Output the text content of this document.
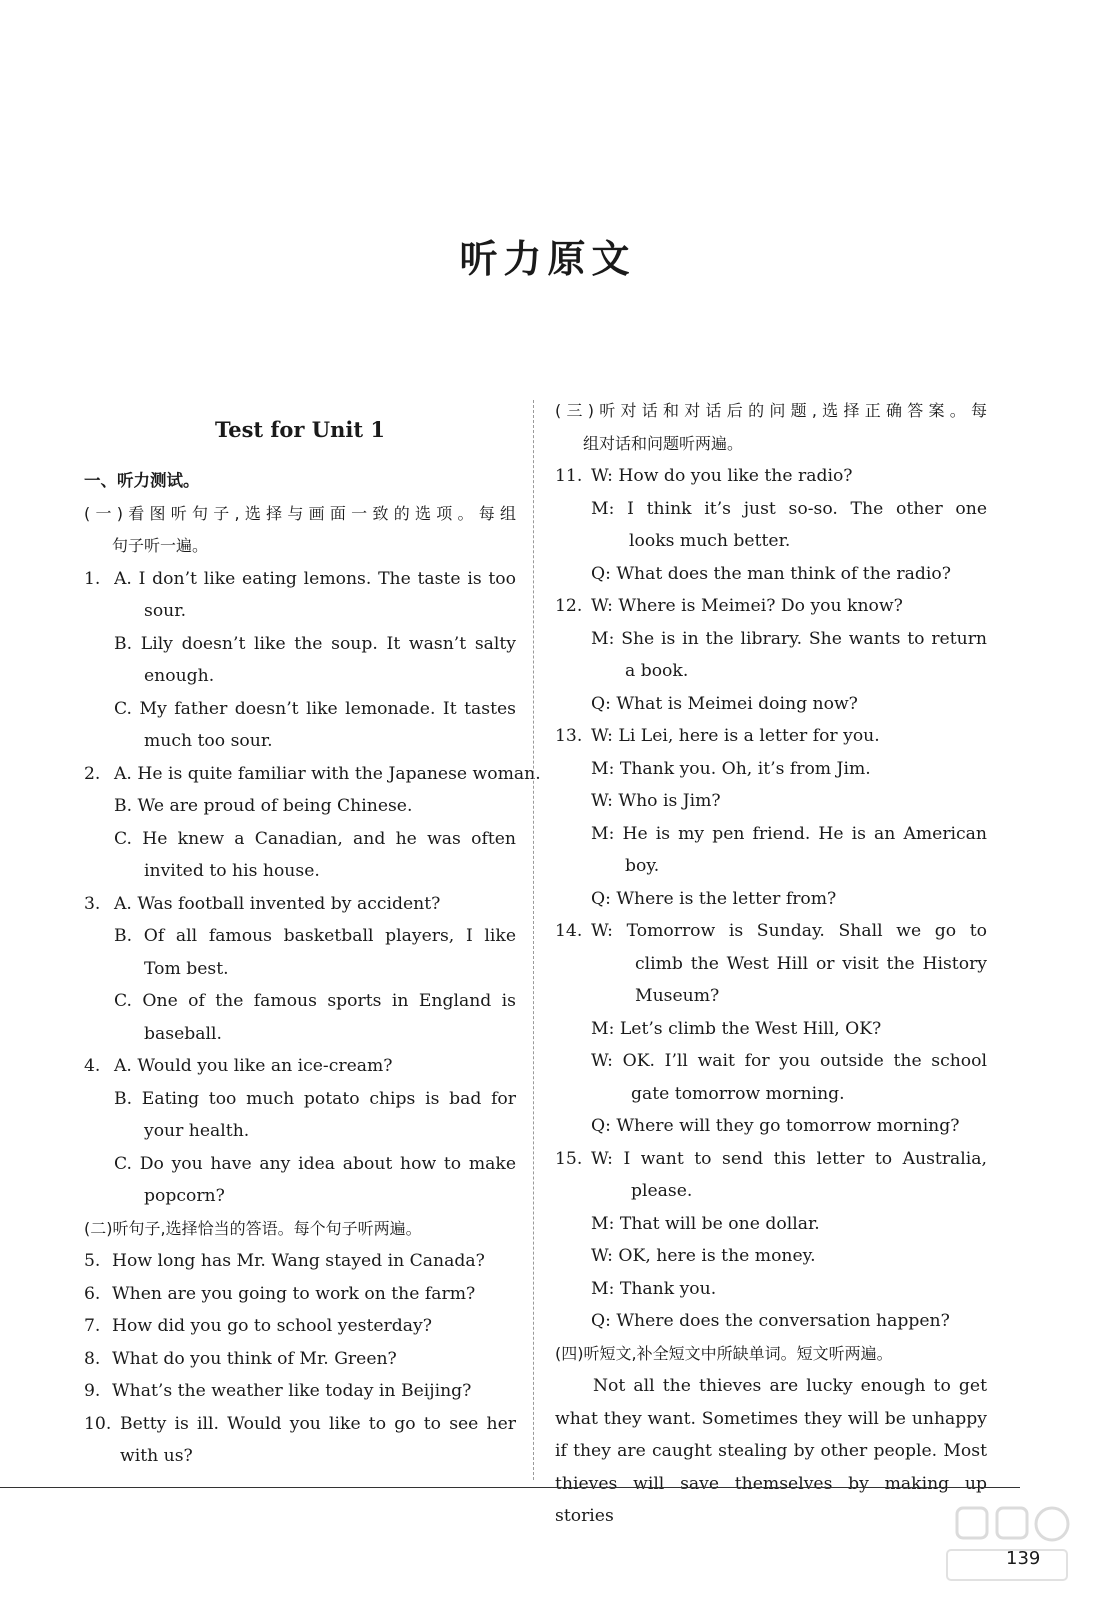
听力原文
Test for Unit 1
一、听力测试。
(一)看图听句子,选择与画面一致的选项。每组
句子听一遍。
1. A. I don’t like eating lemons. The taste is too
sour.
B. Lily doesn’t like the soup. It wasn’t salty
enough.
C. My father doesn’t like lemonade. It tastes
much too sour.
2. A. He is quite familiar with the Japanese woman.
B. We are proud of being Chinese.
C. He knew a Canadian, and he was often
invited to his house.
3. A. Was football invented by accident?
B. Of all famous basketball players, I like
Tom best.
C. One of the famous sports in England is
baseball.
4. A. Would you like an ice-cream?
B. Eating too much potato chips is bad for
your health.
C. Do you have any idea about how to make
popcorn?
(二)听句子,选择恰当的答语。每个句子听两遍。
5. How long has Mr. Wang stayed in Canada?
6. When are you going to work on the farm?
7. How did you go to school yesterday?
8. What do you think of Mr. Green?
9. What’s the weather like today in Beijing?
10. Betty is ill. Would you like to go to see her
with us?
(三)听对话和对话后的问题,选择正确答案。每
组对话和问题听两遍。
11. W: How do you like the radio?
M: I think it’s just so-so. The other one
looks much better.
Q: What does the man think of the radio?
12. W: Where is Meimei? Do you know?
M: She is in the library. She wants to return
a book.
Q: What is Meimei doing now?
13. W: Li Lei, here is a letter for you.
M: Thank you. Oh, it’s from Jim.
W: Who is Jim?
M: He is my pen friend. He is an American
boy.
Q: Where is the letter from?
14. W: Tomorrow is Sunday. Shall we go to
climb the West Hill or visit the History
Museum?
M: Let’s climb the West Hill, OK?
W: OK. I’ll wait for you outside the school
gate tomorrow morning.
Q: Where will they go tomorrow morning?
15. W: I want to send this letter to Australia,
please.
M: That will be one dollar.
W: OK, here is the money.
M: Thank you.
Q: Where does the conversation happen?
(四)听短文,补全短文中所缺单词。短文听两遍。
Not all the thieves are lucky enough to get
what they want. Sometimes they will be unhappy
if they are caught stealing by other people. Most
thieves will save themselves by making up stories
139
